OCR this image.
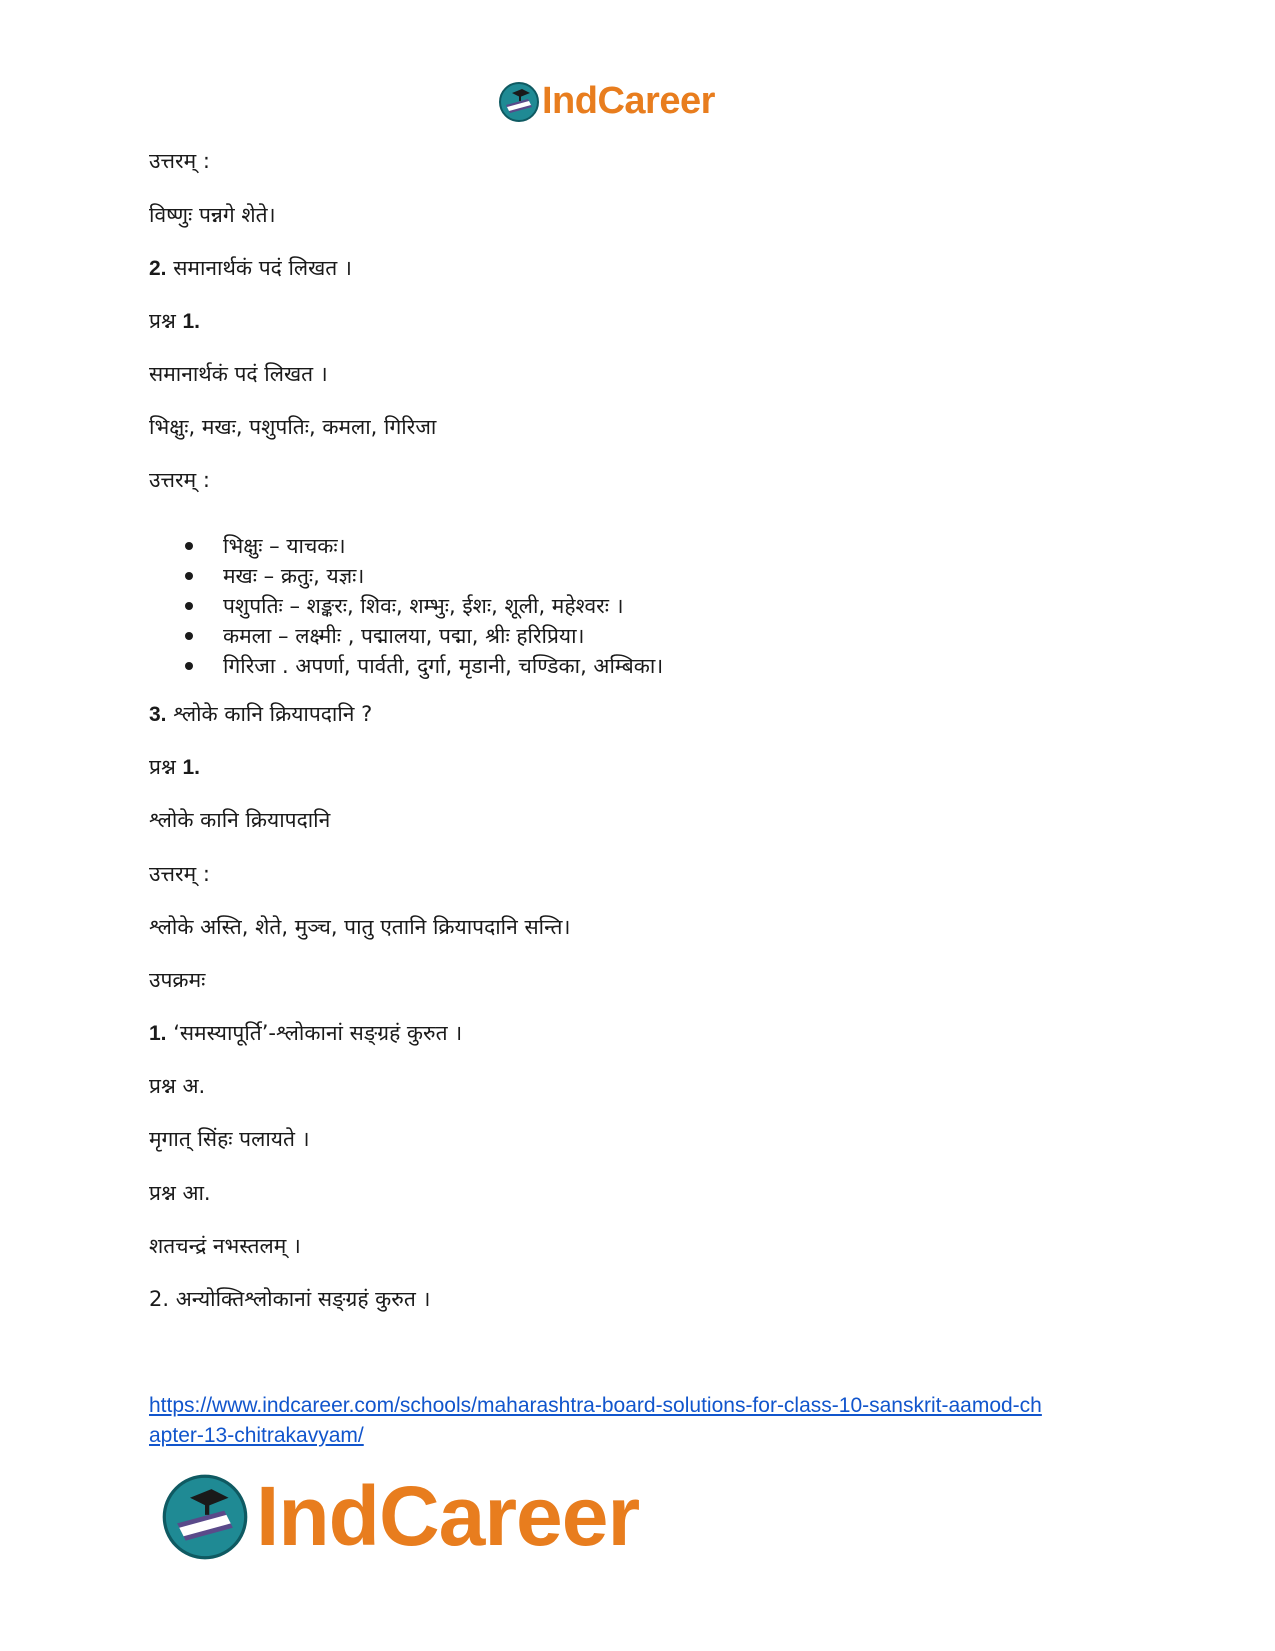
IndCareer
उत्तरम् :
विष्णुः पन्नगे शेते।
2. समानार्थकं पदं लिखत ।
प्रश्न 1.
समानार्थकं पदं लिखत ।
भिक्षुः, मखः, पशुपतिः, कमला, गिरिजा
उत्तरम् :
भिक्षुः – याचकः।
मखः – क्रतुः, यज्ञः।
पशुपतिः – शङ्करः, शिवः, शम्भुः, ईशः, शूली, महेश्वरः ।
कमला – लक्ष्मीः , पद्मालया, पद्मा, श्रीः हरिप्रिया।
गिरिजा . अपर्णा, पार्वती, दुर्गा, मृडानी, चण्डिका, अम्बिका।
3. श्लोके कानि क्रियापदानि ?
प्रश्न 1.
श्लोके कानि क्रियापदानि
उत्तरम् :
श्लोके अस्ति, शेते, मुञ्च, पातु एतानि क्रियापदानि सन्ति।
उपक्रमः
1. ‘समस्यापूर्ति’-श्लोकानां सङ्ग्रहं कुरुत ।
प्रश्न अ.
मृगात् सिंहः पलायते ।
प्रश्न आ.
शतचन्द्रं नभस्तलम् ।
2. अन्योक्तिश्लोकानां सङ्ग्रहं कुरुत ।
https://www.indcareer.com/schools/maharashtra-board-solutions-for-class-10-sanskrit-aamod-ch
apter-13-chitrakavyam/
IndCareer
